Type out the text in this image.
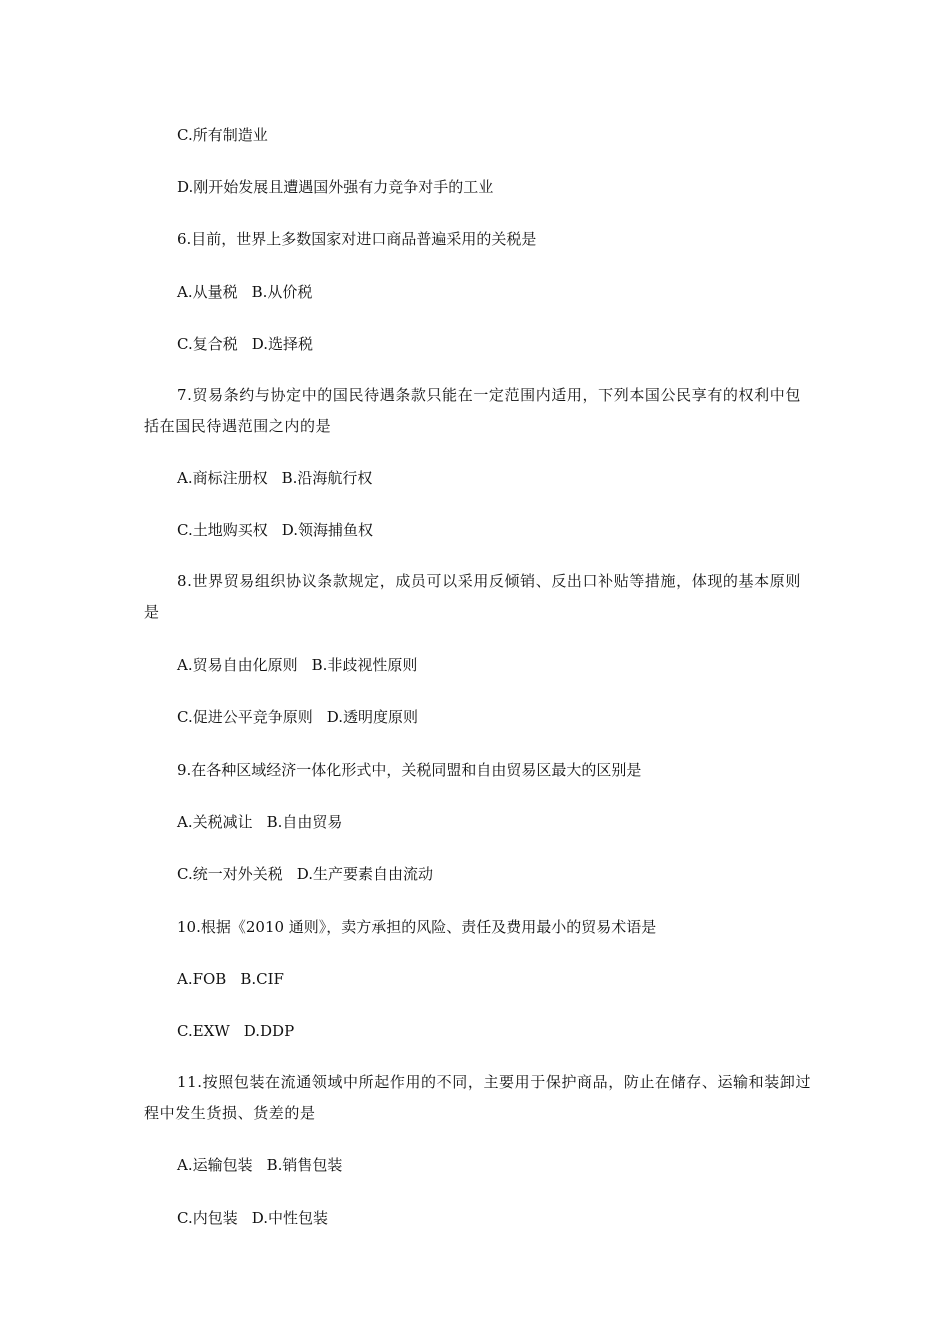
C.所有制造业
D.刚开始发展且遭遇国外强有力竞争对手的工业
6.目前，世界上多数国家对进口商品普遍采用的关税是
A.从量税 B.从价税
C.复合税 D.选择税
7.贸易条约与协定中的国民待遇条款只能在一定范围内适用，下列本国公民享有的权利中包括在国民待遇范围之内的是
A.商标注册权 B.沿海航行权
C.土地购买权 D.领海捕鱼权
8.世界贸易组织协议条款规定，成员可以采用反倾销、反出口补贴等措施，体现的基本原则是
A.贸易自由化原则 B.非歧视性原则
C.促进公平竞争原则 D.透明度原则
9.在各种区域经济一体化形式中，关税同盟和自由贸易区最大的区别是
A.关税减让 B.自由贸易
C.统一对外关税 D.生产要素自由流动
10.根据《2010 通则》，卖方承担的风险、责任及费用最小的贸易术语是
A.FOB B.CIF
C.EXW D.DDP
11.按照包装在流通领域中所起作用的不同，主要用于保护商品，防止在储存、运输和装卸过程中发生货损、货差的是
A.运输包装 B.销售包装
C.内包装 D.中性包装
